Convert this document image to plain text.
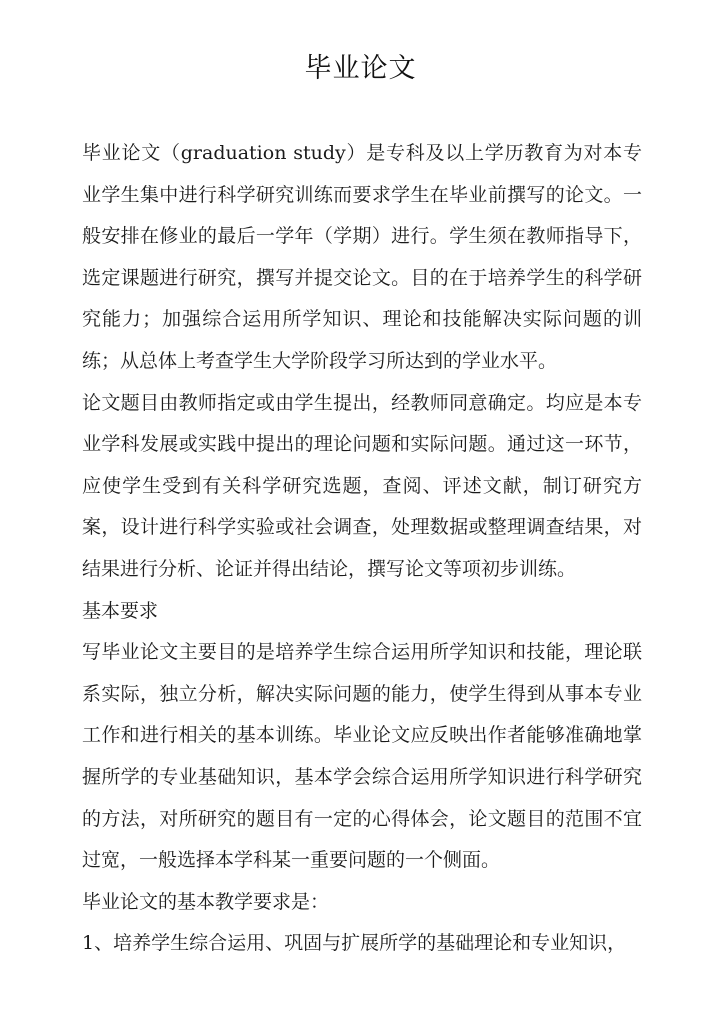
毕业论文

毕业论文（graduation study）是专科及以上学历教育为对本专业学生集中进行科学研究训练而要求学生在毕业前撰写的论文。一般安排在修业的最后一学年（学期）进行。学生须在教师指导下，选定课题进行研究，撰写并提交论文。目的在于培养学生的科学研究能力；加强综合运用所学知识、理论和技能解决实际问题的训练；从总体上考查学生大学阶段学习所达到的学业水平。

论文题目由教师指定或由学生提出，经教师同意确定。均应是本专业学科发展或实践中提出的理论问题和实际问题。通过这一环节，应使学生受到有关科学研究选题，查阅、评述文献，制订研究方案，设计进行科学实验或社会调查，处理数据或整理调查结果，对结果进行分析、论证并得出结论，撰写论文等项初步训练。

基本要求

写毕业论文主要目的是培养学生综合运用所学知识和技能，理论联系实际，独立分析，解决实际问题的能力，使学生得到从事本专业工作和进行相关的基本训练。毕业论文应反映出作者能够准确地掌握所学的专业基础知识，基本学会综合运用所学知识进行科学研究的方法，对所研究的题目有一定的心得体会，论文题目的范围不宜过宽，一般选择本学科某一重要问题的一个侧面。

毕业论文的基本教学要求是：

1、培养学生综合运用、巩固与扩展所学的基础理论和专业知识，
